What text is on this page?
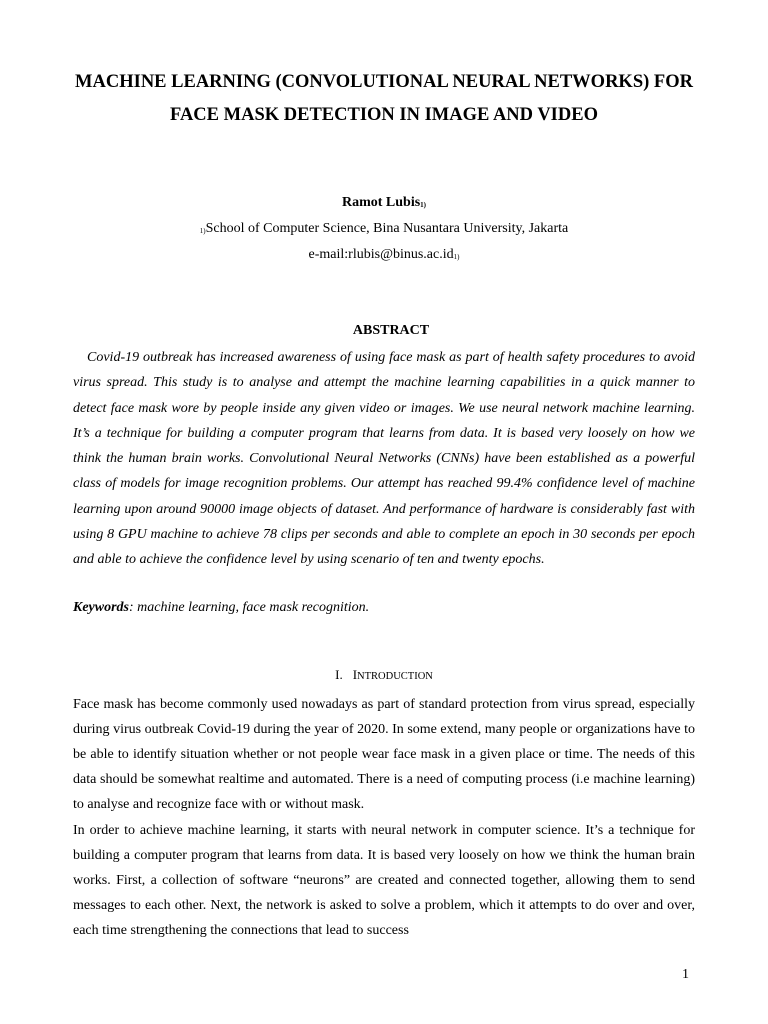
MACHINE LEARNING (CONVOLUTIONAL NEURAL NETWORKS) FOR FACE MASK DETECTION IN IMAGE AND VIDEO
Ramot Lubis$^{1)}$
$^{1)}$School of Computer Science, Bina Nusantara University, Jakarta
$e-mail:rlubis@binus.ac.id^{1)}$
ABSTRACT

Covid-19 outbreak has increased awareness of using face mask as part of health safety procedures to avoid virus spread. This study is to analyse and attempt the machine learning capabilities in a quick manner to detect face mask wore by people inside any given video or images. We use neural network machine learning. It’s a technique for building a computer program that learns from data. It is based very loosely on how we think the human brain works. Convolutional Neural Networks (CNNs) have been established as a powerful class of models for image recognition problems. Our attempt has reached 99.4% confidence level of machine learning upon around 90000 image objects of dataset. And performance of hardware is considerably fast with using 8 GPU machine to achieve 78 clips per seconds and able to complete an epoch in 30 seconds per epoch and able to achieve the confidence level by using scenario of ten and twenty epochs.

Keywords: machine learning, face mask recognition.

I. INTRODUCTION

Face mask has become commonly used nowadays as part of standard protection from virus spread, especially during virus outbreak Covid-19 during the year of 2020. In some extend, many people or organizations have to be able to identify situation whether or not people wear face mask in a given place or time. The needs of this data should be somewhat realtime and automated. There is a need of computing process (i.e machine learning) to analyse and recognize face with or without mask.

In order to achieve machine learning, it starts with neural network in computer science. It’s a technique for building a computer program that learns from data. It is based very loosely on how we think the human brain works. First, a collection of software “neurons” are created and connected together, allowing them to send messages to each other. Next, the network is asked to solve a problem, which it attempts to do over and over, each time strengthening the connections that lead to success

1
